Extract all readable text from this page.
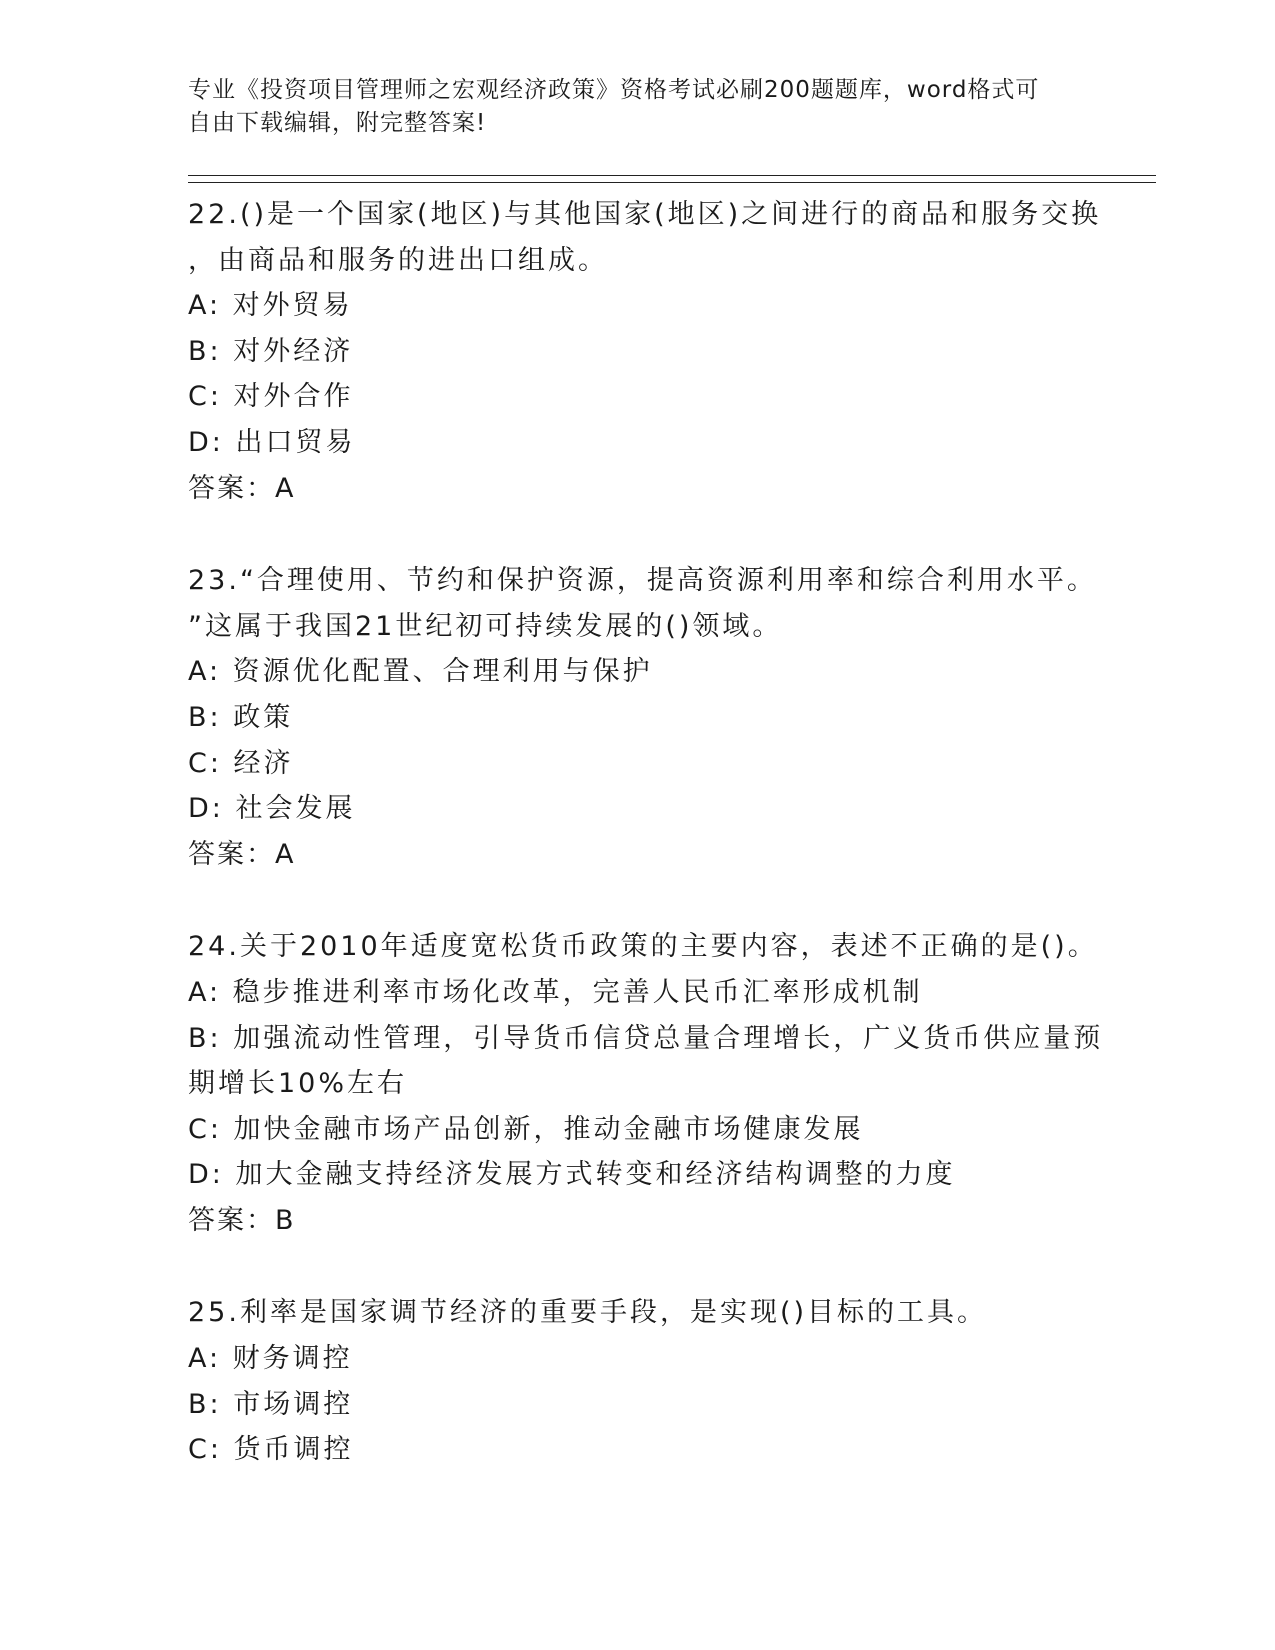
专业《投资项目管理师之宏观经济政策》资格考试必刷200题题库，word格式可
自由下载编辑，附完整答案!
22.()是一个国家(地区)与其他国家(地区)之间进行的商品和服务交换
，由商品和服务的进出口组成。
A: 对外贸易
B: 对外经济
C: 对外合作
D: 出口贸易
答案：A
23.“合理使用、节约和保护资源，提高资源利用率和综合利用水平。
”这属于我国21世纪初可持续发展的()领域。
A: 资源优化配置、合理利用与保护
B: 政策
C: 经济
D: 社会发展
答案：A
24.关于2010年适度宽松货币政策的主要内容，表述不正确的是()。
A: 稳步推进利率市场化改革，完善人民币汇率形成机制
B: 加强流动性管理，引导货币信贷总量合理增长，广义货币供应量预
期增长10%左右
C: 加快金融市场产品创新，推动金融市场健康发展
D: 加大金融支持经济发展方式转变和经济结构调整的力度
答案：B
25.利率是国家调节经济的重要手段，是实现()目标的工具。
A: 财务调控
B: 市场调控
C: 货币调控
